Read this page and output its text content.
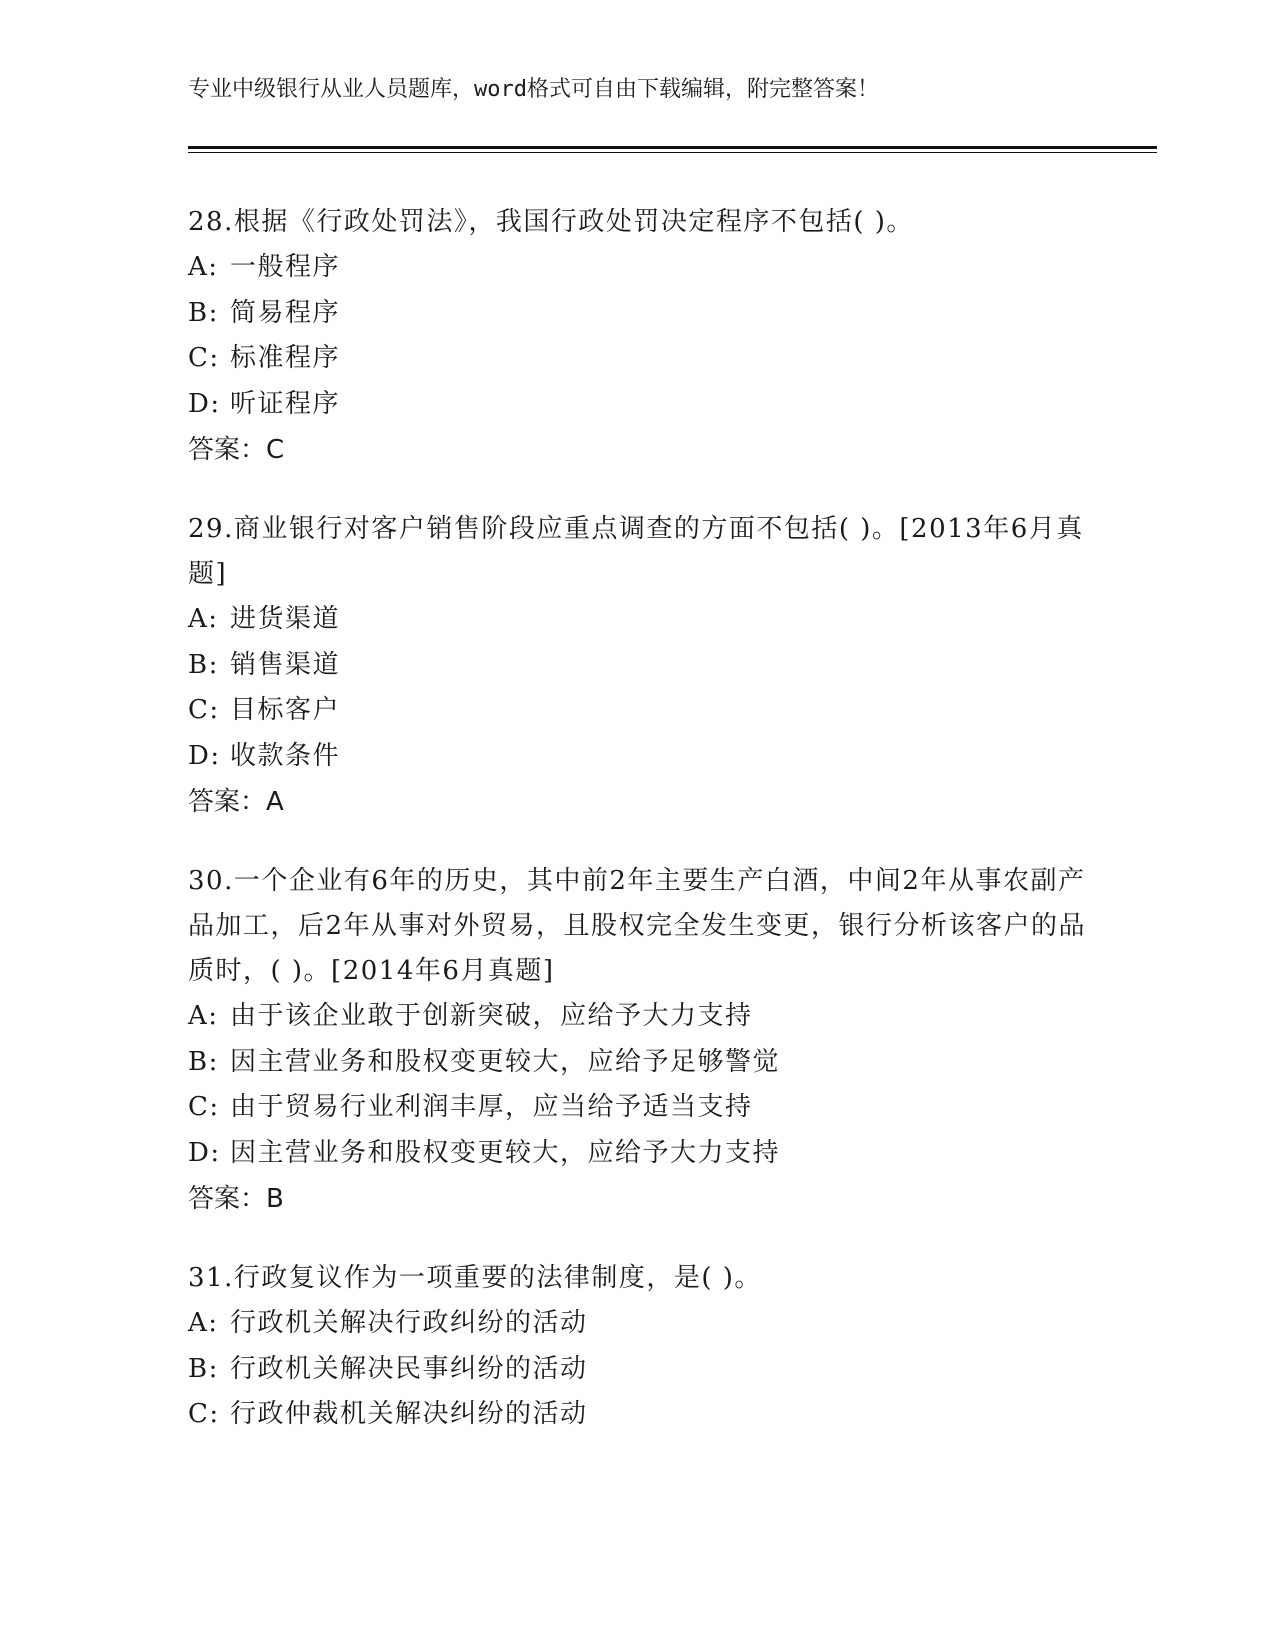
专业中级银行从业人员题库，word格式可自由下载编辑，附完整答案！
28.根据《行政处罚法》，我国行政处罚决定程序不包括( )。
A: 一般程序
B: 简易程序
C: 标准程序
D: 听证程序
答案：C
29.商业银行对客户销售阶段应重点调查的方面不包括( )。[2013年6月真题]
A: 进货渠道
B: 销售渠道
C: 目标客户
D: 收款条件
答案：A
30.一个企业有6年的历史，其中前2年主要生产白酒，中间2年从事农副产品加工，后2年从事对外贸易，且股权完全发生变更，银行分析该客户的品质时，( )。[2014年6月真题]
A: 由于该企业敢于创新突破，应给予大力支持
B: 因主营业务和股权变更较大，应给予足够警觉
C: 由于贸易行业利润丰厚，应当给予适当支持
D: 因主营业务和股权变更较大，应给予大力支持
答案：B
31.行政复议作为一项重要的法律制度，是( )。
A: 行政机关解决行政纠纷的活动
B: 行政机关解决民事纠纷的活动
C: 行政仲裁机关解决纠纷的活动
